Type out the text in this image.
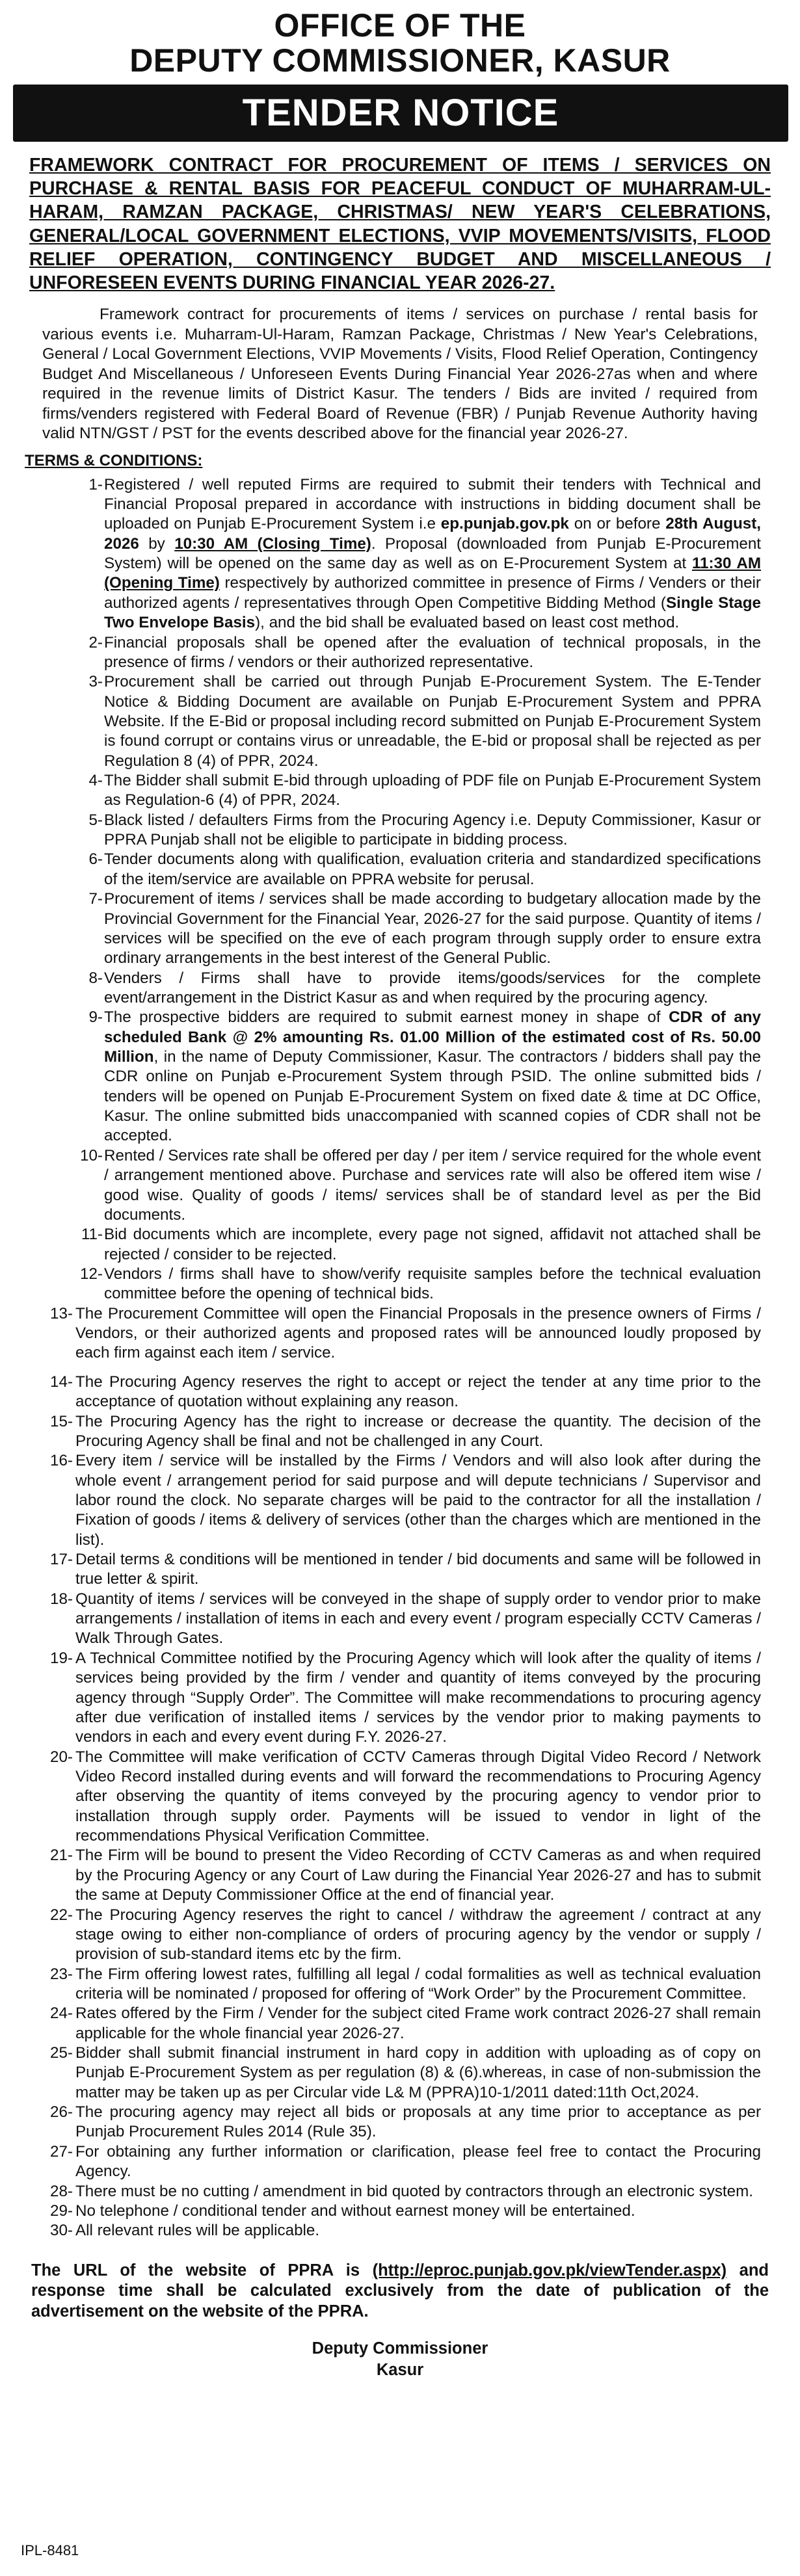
OFFICE OF THE
DEPUTY COMMISSIONER, KASUR
TENDER NOTICE
FRAMEWORK CONTRACT FOR PROCUREMENT OF ITEMS / SERVICES ON PURCHASE & RENTAL BASIS FOR PEACEFUL CONDUCT OF MUHARRAM-UL-HARAM, RAMZAN PACKAGE, CHRISTMAS/ NEW YEAR'S CELEBRATIONS, GENERAL/LOCAL GOVERNMENT ELECTIONS, VVIP MOVEMENTS/VISITS, FLOOD RELIEF OPERATION, CONTINGENCY BUDGET AND MISCELLANEOUS / UNFORESEEN EVENTS DURING FINANCIAL YEAR 2026-27.
Framework contract for procurements of items / services on purchase / rental basis for various events i.e. Muharram-Ul-Haram, Ramzan Package, Christmas / New Year's Celebrations, General / Local Government Elections, VVIP Movements / Visits, Flood Relief Operation, Contingency Budget And Miscellaneous / Unforeseen Events During Financial Year 2026-27as when and where required in the revenue limits of District Kasur. The tenders / Bids are invited / required from firms/venders registered with Federal Board of Revenue (FBR) / Punjab Revenue Authority having valid NTN/GST / PST for the events described above for the financial year 2026-27.
TERMS & CONDITIONS:
1- Registered / well reputed Firms are required to submit their tenders with Technical and Financial Proposal prepared in accordance with instructions in bidding document shall be uploaded on Punjab E-Procurement System i.e ep.punjab.gov.pk on or before 28th August, 2026 by 10:30 AM (Closing Time). Proposal (downloaded from Punjab E-Procurement System) will be opened on the same day as well as on E-Procurement System at 11:30 AM (Opening Time) respectively by authorized committee in presence of Firms / Venders or their authorized agents / representatives through Open Competitive Bidding Method (Single Stage Two Envelope Basis), and the bid shall be evaluated based on least cost method.
2- Financial proposals shall be opened after the evaluation of technical proposals, in the presence of firms / vendors or their authorized representative.
3- Procurement shall be carried out through Punjab E-Procurement System. The E-Tender Notice & Bidding Document are available on Punjab E-Procurement System and PPRA Website. If the E-Bid or proposal including record submitted on Punjab E-Procurement System is found corrupt or contains virus or unreadable, the E-bid or proposal shall be rejected as per Regulation 8 (4) of PPR, 2024.
4- The Bidder shall submit E-bid through uploading of PDF file on Punjab E-Procurement System as Regulation-6 (4) of PPR, 2024.
5- Black listed / defaulters Firms from the Procuring Agency i.e. Deputy Commissioner, Kasur or PPRA Punjab shall not be eligible to participate in bidding process.
6- Tender documents along with qualification, evaluation criteria and standardized specifications of the item/service are available on PPRA website for perusal.
7- Procurement of items / services shall be made according to budgetary allocation made by the Provincial Government for the Financial Year, 2026-27 for the said purpose. Quantity of items / services will be specified on the eve of each program through supply order to ensure extra ordinary arrangements in the best interest of the General Public.
8- Venders / Firms shall have to provide items/goods/services for the complete event/arrangement in the District Kasur as and when required by the procuring agency.
9- The prospective bidders are required to submit earnest money in shape of CDR of any scheduled Bank @ 2% amounting Rs. 01.00 Million of the estimated cost of Rs. 50.00 Million, in the name of Deputy Commissioner, Kasur. The contractors / bidders shall pay the CDR online on Punjab e-Procurement System through PSID. The online submitted bids / tenders will be opened on Punjab E-Procurement System on fixed date & time at DC Office, Kasur. The online submitted bids unaccompanied with scanned copies of CDR shall not be accepted.
10- Rented / Services rate shall be offered per day / per item / service required for the whole event / arrangement mentioned above. Purchase and services rate will also be offered item wise / good wise. Quality of goods / items/ services shall be of standard level as per the Bid documents.
11- Bid documents which are incomplete, every page not signed, affidavit not attached shall be rejected / consider to be rejected.
12- Vendors / firms shall have to show/verify requisite samples before the technical evaluation committee before the opening of technical bids.
13- The Procurement Committee will open the Financial Proposals in the presence owners of Firms / Vendors, or their authorized agents and proposed rates will be announced loudly proposed by each firm against each item / service.
14- The Procuring Agency reserves the right to accept or reject the tender at any time prior to the acceptance of quotation without explaining any reason.
15- The Procuring Agency has the right to increase or decrease the quantity. The decision of the Procuring Agency shall be final and not be challenged in any Court.
16- Every item / service will be installed by the Firms / Vendors and will also look after during the whole event / arrangement period for said purpose and will depute technicians / Supervisor and labor round the clock. No separate charges will be paid to the contractor for all the installation / Fixation of goods / items & delivery of services (other than the charges which are mentioned in the list).
17- Detail terms & conditions will be mentioned in tender / bid documents and same will be followed in true letter & spirit.
18- Quantity of items / services will be conveyed in the shape of supply order to vendor prior to make arrangements / installation of items in each and every event / program especially CCTV Cameras / Walk Through Gates.
19- A Technical Committee notified by the Procuring Agency which will look after the quality of items / services being provided by the firm / vender and quantity of items conveyed by the procuring agency through “Supply Order”. The Committee will make recommendations to procuring agency after due verification of installed items / services by the vendor prior to making payments to vendors in each and every event during F.Y. 2026-27.
20- The Committee will make verification of CCTV Cameras through Digital Video Record / Network Video Record installed during events and will forward the recommendations to Procuring Agency after observing the quantity of items conveyed by the procuring agency to vendor prior to installation through supply order. Payments will be issued to vendor in light of the recommendations Physical Verification Committee.
21- The Firm will be bound to present the Video Recording of CCTV Cameras as and when required by the Procuring Agency or any Court of Law during the Financial Year 2026-27 and has to submit the same at Deputy Commissioner Office at the end of financial year.
22- The Procuring Agency reserves the right to cancel / withdraw the agreement / contract at any stage owing to either non-compliance of orders of procuring agency by the vendor or supply / provision of sub-standard items etc by the firm.
23- The Firm offering lowest rates, fulfilling all legal / codal formalities as well as technical evaluation criteria will be nominated / proposed for offering of “Work Order” by the Procurement Committee.
24- Rates offered by the Firm / Vender for the subject cited Frame work contract 2026-27 shall remain applicable for the whole financial year 2026-27.
25- Bidder shall submit financial instrument in hard copy in addition with uploading as of copy on Punjab E-Procurement System as per regulation (8) & (6).whereas, in case of non-submission the matter may be taken up as per Circular vide L& M (PPRA)10-1/2011 dated:11th Oct,2024.
26- The procuring agency may reject all bids or proposals at any time prior to acceptance as per Punjab Procurement Rules 2014 (Rule 35).
27- For obtaining any further information or clarification, please feel free to contact the Procuring Agency.
28- There must be no cutting / amendment in bid quoted by contractors through an electronic system.
29- No telephone / conditional tender and without earnest money will be entertained.
30- All relevant rules will be applicable.
The URL of the website of PPRA is (http://eproc.punjab.gov.pk/viewTender.aspx) and response time shall be calculated exclusively from the date of publication of the advertisement on the website of the PPRA.
Deputy Commissioner
Kasur
IPL-8481
